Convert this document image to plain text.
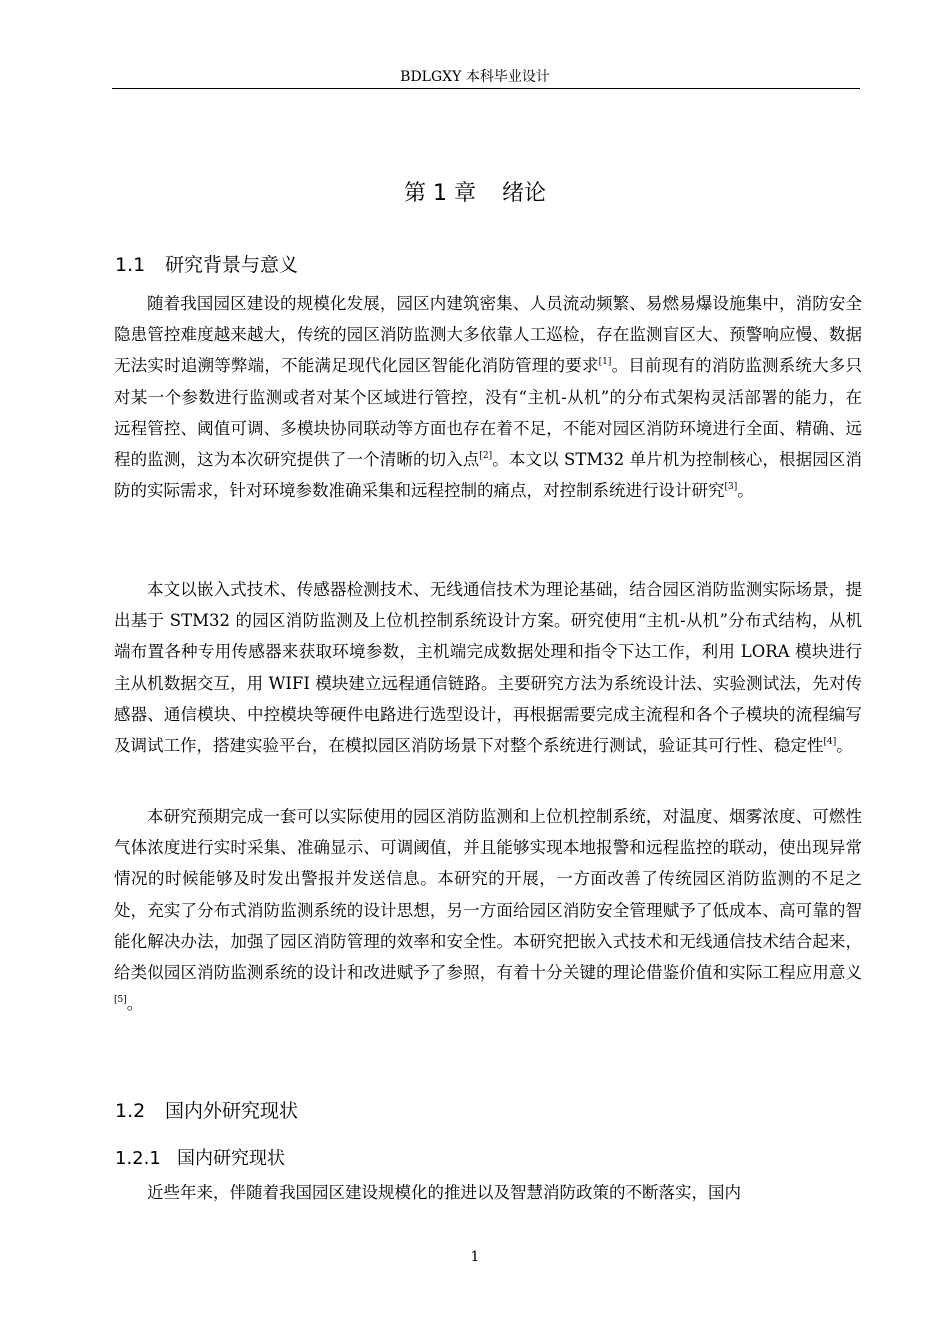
BDLGXY 本科毕业设计
第 1 章 绪论
1.1 研究背景与意义

随着我国园区建设的规模化发展，园区内建筑密集、人员流动频繁、易燃易爆设施集中，消防安全隐患管控难度越来越大，传统的园区消防监测大多依靠人工巡检，存在监测盲区大、预警响应慢、数据无法实时追溯等弊端，不能满足现代化园区智能化消防管理的要求[1]。目前现有的消防监测系统大多只对某一个参数进行监测或者对某个区域进行管控，没有“主机-从机”的分布式架构灵活部署的能力，在远程管控、阈值可调、多模块协同联动等方面也存在着不足，不能对园区消防环境进行全面、精确、远程的监测，这为本次研究提供了一个清晰的切入点[2]。本文以 STM32 单片机为控制核心，根据园区消防的实际需求，针对环境参数准确采集和远程控制的痛点，对控制系统进行设计研究[3]。

本文以嵌入式技术、传感器检测技术、无线通信技术为理论基础，结合园区消防监测实际场景，提出基于 STM32 的园区消防监测及上位机控制系统设计方案。研究使用“主机-从机”分布式结构，从机端布置各种专用传感器来获取环境参数，主机端完成数据处理和指令下达工作，利用 LORA 模块进行主从机数据交互，用 WIFI 模块建立远程通信链路。主要研究方法为系统设计法、实验测试法，先对传感器、通信模块、中控模块等硬件电路进行选型设计，再根据需要完成主流程和各个子模块的流程编写及调试工作，搭建实验平台，在模拟园区消防场景下对整个系统进行测试，验证其可行性、稳定性[4]。

本研究预期完成一套可以实际使用的园区消防监测和上位机控制系统，对温度、烟雾浓度、可燃性气体浓度进行实时采集、准确显示、可调阈值，并且能够实现本地报警和远程监控的联动，使出现异常情况的时候能够及时发出警报并发送信息。本研究的开展，一方面改善了传统园区消防监测的不足之处，充实了分布式消防监测系统的设计思想，另一方面给园区消防安全管理赋予了低成本、高可靠的智能化解决办法，加强了园区消防管理的效率和安全性。本研究把嵌入式技术和无线通信技术结合起来，给类似园区消防监测系统的设计和改进赋予了参照，有着十分关键的理论借鉴价值和实际工程应用意义[5]。

1.2 国内外研究现状
1.2.1 国内研究现状

近些年来，伴随着我国园区建设规模化的推进以及智慧消防政策的不断落实，国内

1
